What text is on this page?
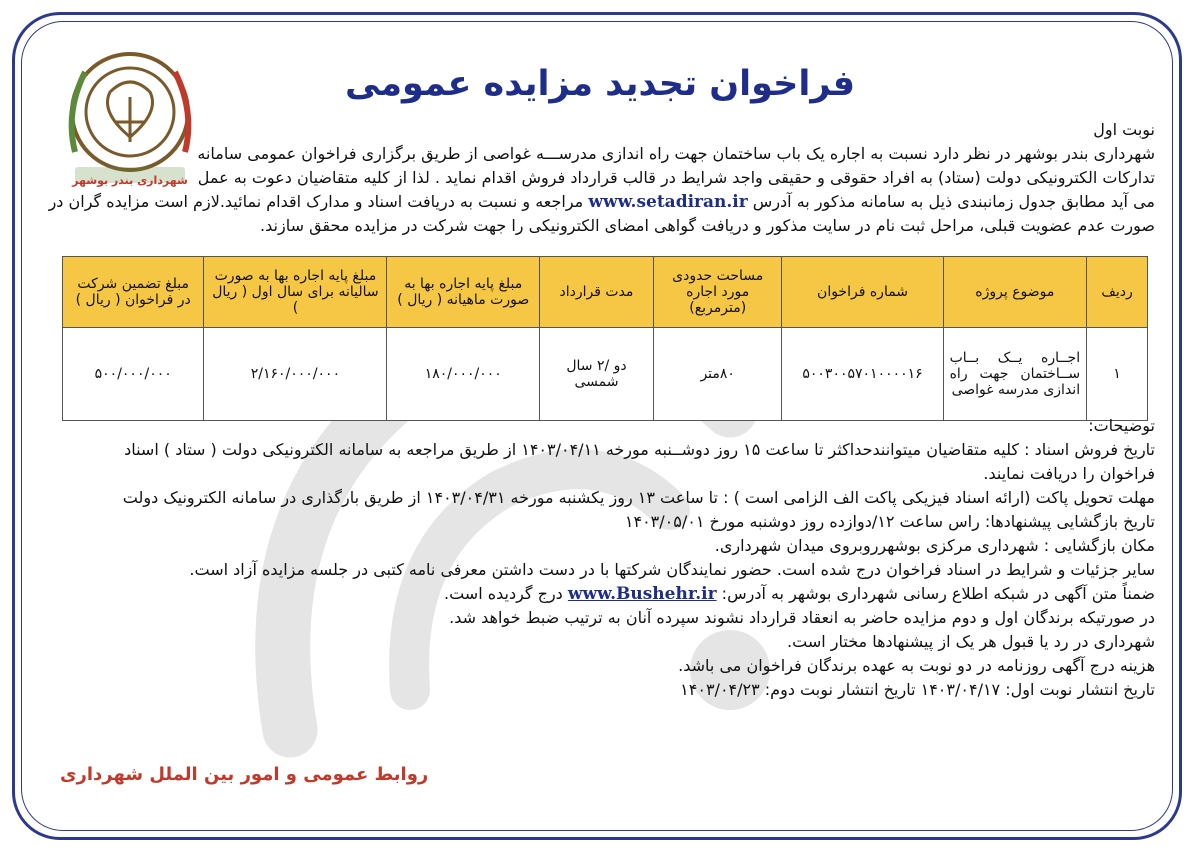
شهرداری بندر بوشهر
فراخوان تجدید مزایده عمومی
نوبت اول
شهرداری بندر بوشهر در نظر دارد نسبت به اجاره یک باب ساختمان جهت راه اندازی مدرســـه غواصی از طریق برگزاری فراخوان عمومی سامانه
تدارکات الکترونیکی دولت (ستاد) به افراد حقوقی و حقیقی واجد شرایط در قالب قرارداد فروش اقدام نماید . لذا از کلیه متقاضیان دعوت به عمل
می آید مطابق جدول زمانبندی ذیل به سامانه مذکور به آدرس www.setadiran.ir مراجعه و نسبت به دریافت اسناد و مدارک اقدام نمائید.لازم است مزایده گران در
صورت عدم عضویت قبلی، مراحل ثبت نام در سایت مذکور و دریافت گواهی امضای الکترونیکی را جهت شرکت در مزایده محقق سازند.
ردیف	موضوع پروژه	شماره فراخوان	مساحت حدودی مورد اجاره (مترمربع)	مدت قرارداد	مبلغ پایه اجاره بها به صورت ماهیانه ( ریال )	مبلغ پایه اجاره بها به صورت سالیانه برای سال اول ( ریال )	مبلغ تضمین شرکت در فراخوان ( ریال )
۱	اجــاره یــک بــاب ســاختمان جهت راه اندازی مدرسه غواصی	۵۰۰۳۰۰۵۷۰۱۰۰۰۰۱۶	۸۰متر	دو /۲ سال شمسی	۱۸۰/۰۰۰/۰۰۰	۲/۱۶۰/۰۰۰/۰۰۰	۵۰۰/۰۰۰/۰۰۰
توضیحات:
تاریخ فروش اسناد : کلیه متقاضیان میتوانندحداکثر تا ساعت ۱۵ روز دوشــنبه مورخه ۱۴۰۳/۰۴/۱۱ از طریق مراجعه به سامانه الکترونیکی دولت ( ستاد ) اسناد
فراخوان را دریافت نمایند.
مهلت تحویل پاکت (ارائه اسناد فیزیکی پاکت الف الزامی است ) : تا ساعت ۱۳ روز یکشنبه مورخه ۱۴۰۳/۰۴/۳۱ از طریق بارگذاری در سامانه الکترونیک دولت
تاریخ بازگشایی پیشنهادها: راس ساعت ۱۲/دوازده روز دوشنبه مورخ ۱۴۰۳/۰۵/۰۱
مکان بازگشایی : شهرداری مرکزی بوشهرروبروی میدان شهرداری.
سایر جزئیات و شرایط در اسناد فراخوان درج شده است. حضور نمایندگان شرکتها با در دست داشتن معرفی نامه کتبی در جلسه مزایده آزاد است.
ضمناً متن آگهی در شبکه اطلاع رسانی شهرداری بوشهر به آدرس: www.Bushehr.ir درج گردیده است.
در صورتیکه برندگان اول و دوم مزایده حاضر به انعقاد قرارداد نشوند سپرده آنان به ترتیب ضبط خواهد شد.
شهرداری در رد یا قبول هر یک از پیشنهادها مختار است.
هزینه درج آگهی روزنامه در دو نوبت به عهده برندگان فراخوان می باشد.
تاریخ انتشار نوبت اول: ۱۴۰۳/۰۴/۱۷ تاریخ انتشار نوبت دوم: ۱۴۰۳/۰۴/۲۳
روابط عمومی و امور بین الملل شهرداری
